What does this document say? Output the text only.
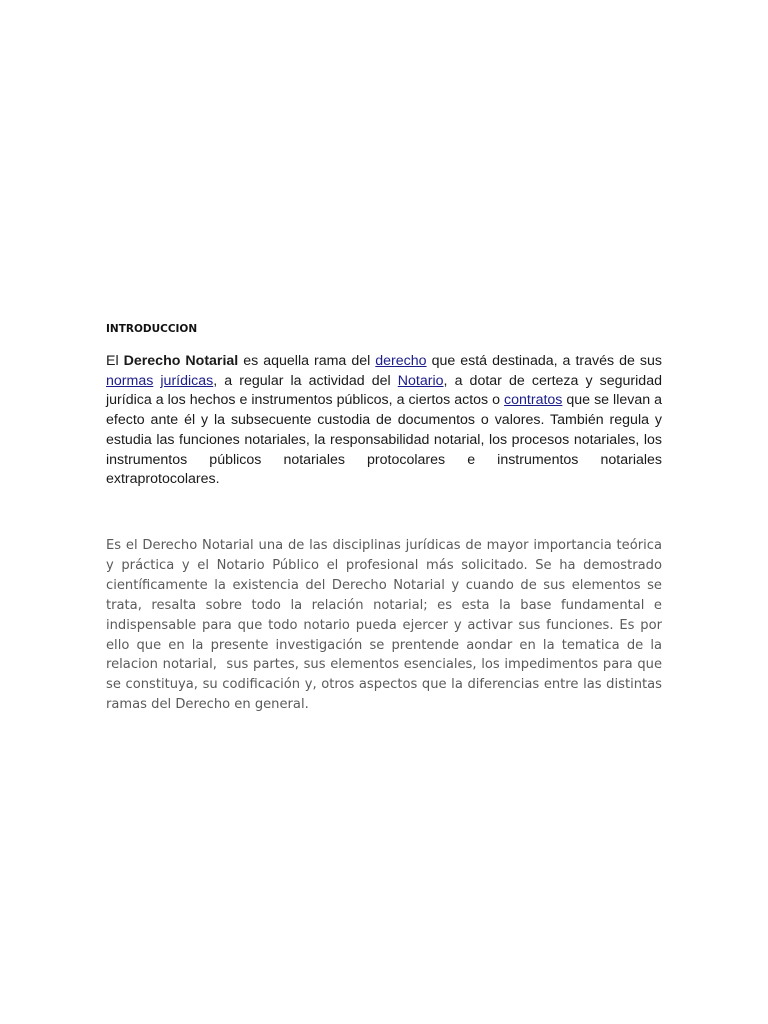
INTRODUCCION

El Derecho Notarial es aquella rama del derecho que está destinada, a través de sus normas jurídicas, a regular la actividad del Notario, a dotar de certeza y seguridad jurídica a los hechos e instrumentos públicos, a ciertos actos o contratos que se llevan a efecto ante él y la subsecuente custodia de documentos o valores. También regula y estudia las funciones notariales, la responsabilidad notarial, los procesos notariales, los instrumentos públicos notariales protocolares e instrumentos notariales extraprotocolares.

Es el Derecho Notarial una de las disciplinas jurídicas de mayor importancia teórica y práctica y el Notario Público el profesional más solicitado. Se ha demostrado científicamente la existencia del Derecho Notarial y cuando de sus elementos se trata, resalta sobre todo la relación notarial; es esta la base fundamental e indispensable para que todo notario pueda ejercer y activar sus funciones. Es por ello que en la presente investigación se prentende aondar en la tematica de la relacion notarial,  sus partes, sus elementos esenciales, los impedimentos para que se constituya, su codificación y, otros aspectos que la diferencias entre las distintas ramas del Derecho en general.
